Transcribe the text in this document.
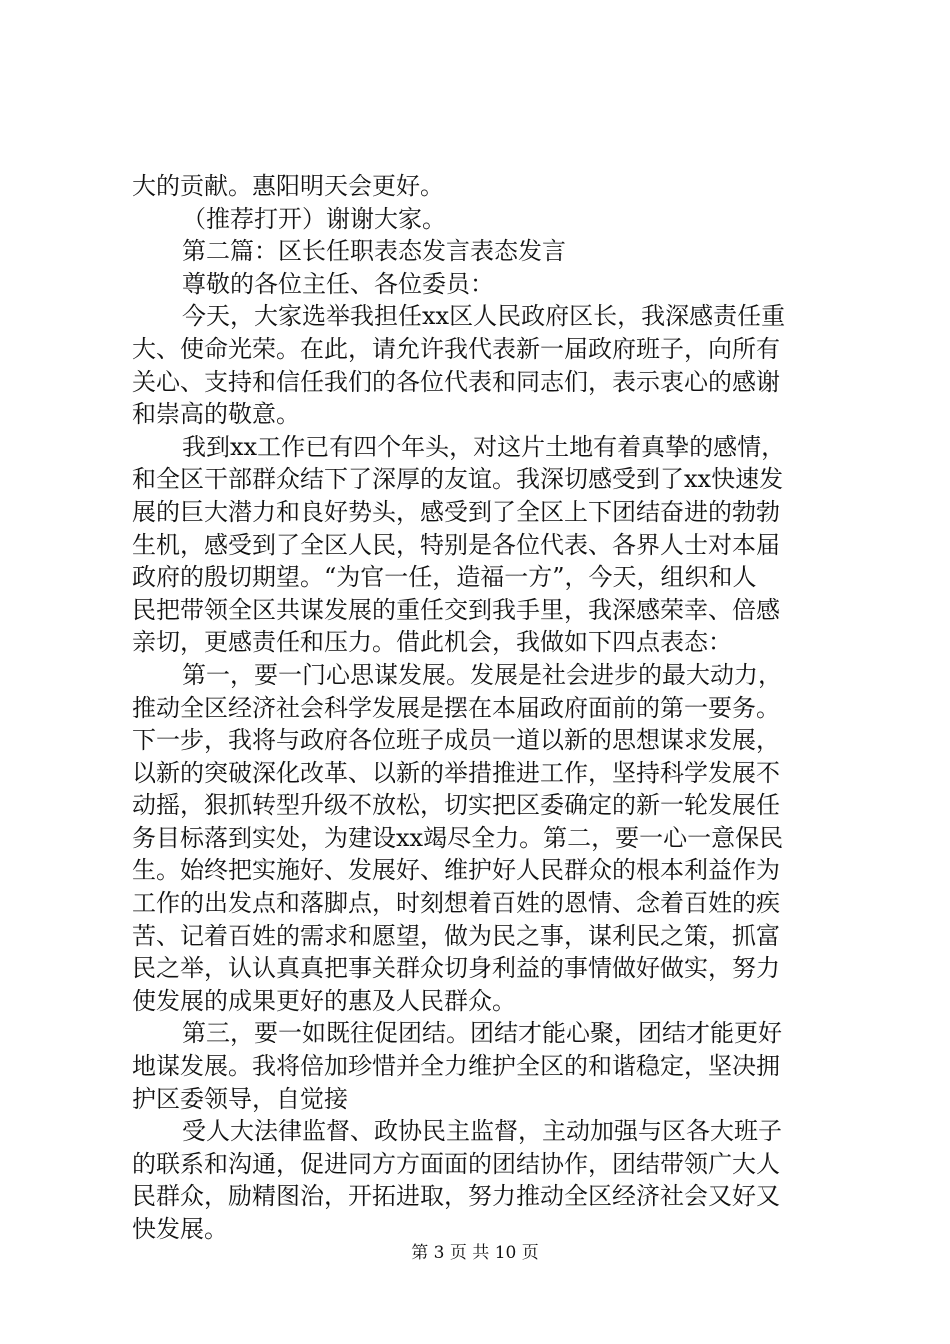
大的贡献。惠阳明天会更好。
（推荐打开）谢谢大家。
第二篇：区长任职表态发言表态发言
尊敬的各位主任、各位委员：
今天，大家选举我担任xx区人民政府区长，我深感责任重
大、使命光荣。在此，请允许我代表新一届政府班子，向所有
关心、支持和信任我们的各位代表和同志们，表示衷心的感谢
和崇高的敬意。
我到xx工作已有四个年头，对这片土地有着真挚的感情，
和全区干部群众结下了深厚的友谊。我深切感受到了xx快速发
展的巨大潜力和良好势头，感受到了全区上下团结奋进的勃勃
生机，感受到了全区人民，特别是各位代表、各界人士对本届
政府的殷切期望。“为官一任，造福一方”，今天，组织和人
民把带领全区共谋发展的重任交到我手里，我深感荣幸、倍感
亲切，更感责任和压力。借此机会，我做如下四点表态：
第一，要一门心思谋发展。发展是社会进步的最大动力，
推动全区经济社会科学发展是摆在本届政府面前的第一要务。
下一步，我将与政府各位班子成员一道以新的思想谋求发展，
以新的突破深化改革、以新的举措推进工作，坚持科学发展不
动摇，狠抓转型升级不放松，切实把区委确定的新一轮发展任
务目标落到实处，为建设xx竭尽全力。第二，要一心一意保民
生。始终把实施好、发展好、维护好人民群众的根本利益作为
工作的出发点和落脚点，时刻想着百姓的恩情、念着百姓的疾
苦、记着百姓的需求和愿望，做为民之事，谋利民之策，抓富
民之举，认认真真把事关群众切身利益的事情做好做实，努力
使发展的成果更好的惠及人民群众。
第三，要一如既往促团结。团结才能心聚，团结才能更好
地谋发展。我将倍加珍惜并全力维护全区的和谐稳定，坚决拥
护区委领导，自觉接
受人大法律监督、政协民主监督，主动加强与区各大班子
的联系和沟通，促进同方方面面的团结协作，团结带领广大人
民群众，励精图治，开拓进取，努力推动全区经济社会又好又
快发展。
第 3 页 共 10 页
